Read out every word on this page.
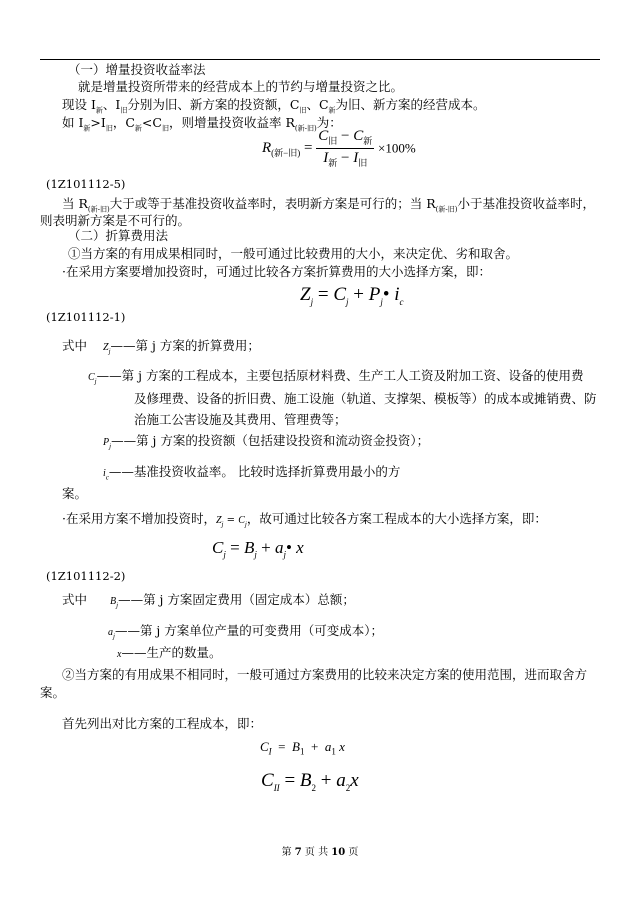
（一）增量投资收益率法
就是增量投资所带来的经营成本上的节约与增量投资之比。
现设 $I_新$、$I_旧$分别为旧、新方案的投资额，$C_旧$、$C_新$为旧、新方案的经营成本。
如 $I_新>I_旧$，$C_新<C_旧$，则增量投资收益率 $R_{(新-旧)}$为：
$R_{(新-旧)} = \frac{C_旧 - C_新}{I_新 - I_旧} \times 100\%$
(1Z101112-5)
当 $R_{(新-旧)}$大于或等于基准投资收益率时，表明新方案是可行的；当 $R_{(新-旧)}$小于基准投资收益率时，
则表明新方案是不可行的。
（二）折算费用法
①当方案的有用成果相同时，一般可通过比较费用的大小，来决定优、劣和取舍。
·在采用方案要增加投资时，可通过比较各方案折算费用的大小选择方案，即：
$Z_j = C_j$ + $P_j•$ $i_c$
(1Z101112-1)
式中 $Z_j——$第 j 方案的折算费用；
$C_j——$第 j 方案的工程成本，主要包括原材料费、生产工人工资及附加工资、设备的使用费
及修理费、设备的折旧费、施工设施（轨道、支撑架、模板等）的成本或摊销费、防
治施工公害设施及其费用、管理费等；
$P_j——$第 j 方案的投资额（包括建设投资和流动资金投资）；
$i_c——$基准投资收益率。 比较时选择折算费用最小的方
案。
·在采用方案不增加投资时，$Z_j = C_j$，故可通过比较各方案工程成本的大小选择方案，即：
$C_j = B_j$ + $a_j•$ x
(1Z101112-2)
式中 $B_j——$第 j 方案固定费用（固定成本）总额；
$a_j——$第 j 方案单位产量的可变费用（可变成本）；
x——生产的数量。
②当方案的有用成果不相同时，一般可通过方案费用的比较来决定方案的使用范围，进而取舍方
案。
首先列出对比方案的工程成本，即：
$C_I = B_1 + a_1$ x
$C_{II} = B_2 + a_2x$
第 7 页 共 10 页
